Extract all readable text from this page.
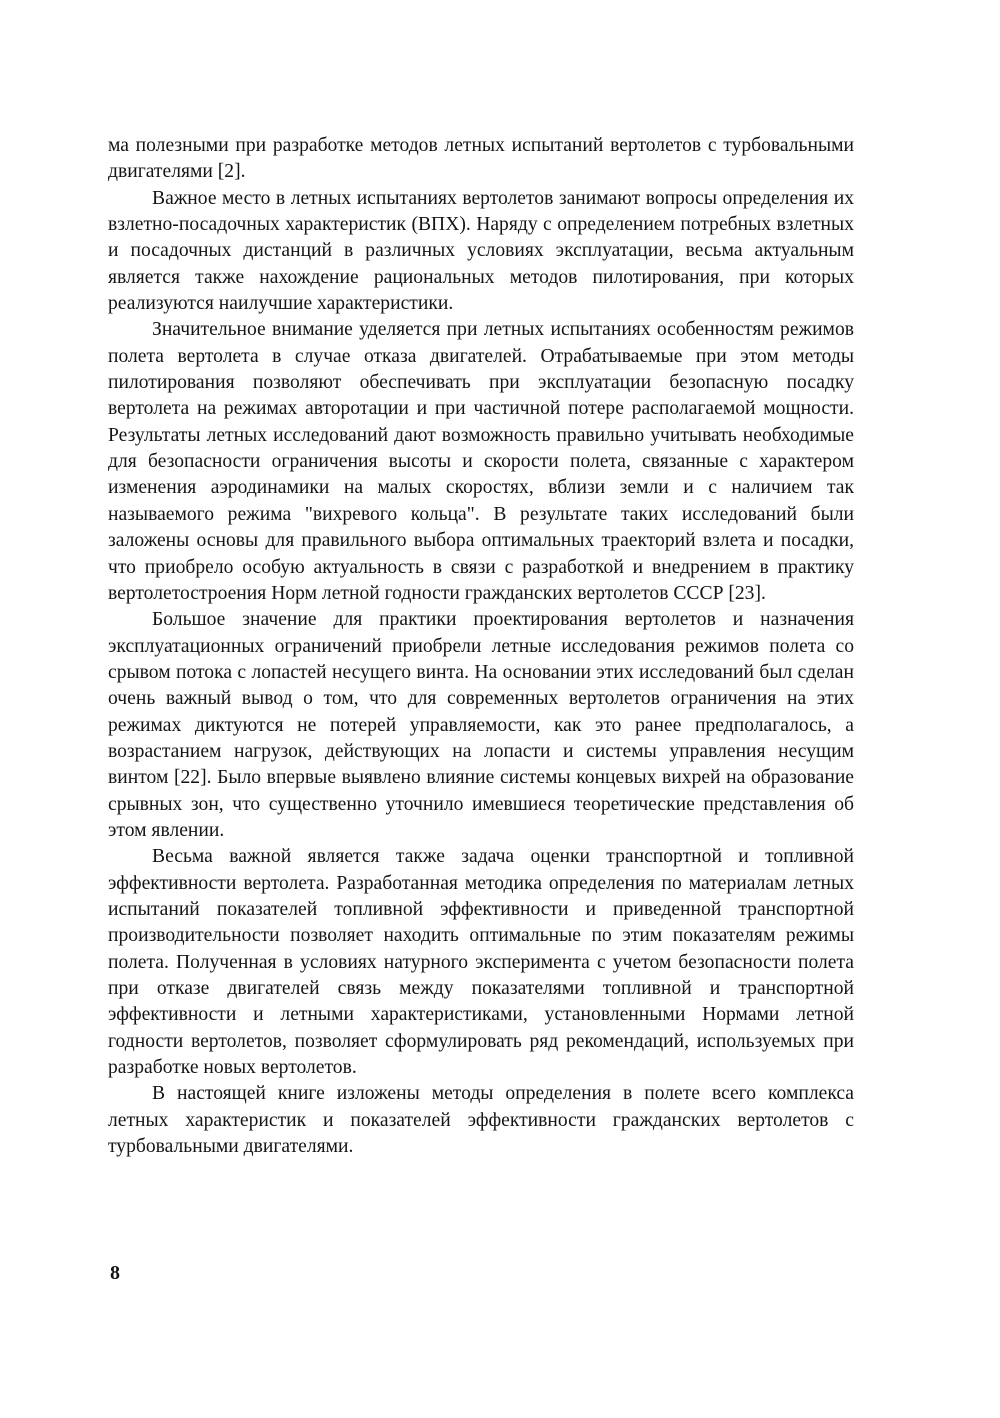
ма полезными при разработке методов летных испытаний вертолетов с турбовальными двигателями [2].

Важное место в летных испытаниях вертолетов занимают вопросы определения их взлетно-посадочных характеристик (ВПХ). Наряду с определением потребных взлетных и посадочных дистанций в различных условиях эксплуатации, весьма актуальным является также нахождение рациональных методов пилотирования, при которых реализуются наилучшие характеристики.

Значительное внимание уделяется при летных испытаниях особенностям режимов полета вертолета в случае отказа двигателей. Отрабатываемые при этом методы пилотирования позволяют обеспечивать при эксплуатации безопасную посадку вертолета на режимах авторотации и при частичной потере располагаемой мощности. Результаты летных исследований дают возможность правильно учитывать необходимые для безопасности ограничения высоты и скорости полета, связанные с характером изменения аэродинамики на малых скоростях, вблизи земли и с наличием так называемого режима "вихревого кольца". В результате таких исследований были заложены основы для правильного выбора оптимальных траекторий взлета и посадки, что приобрело особую актуальность в связи с разработкой и внедрением в практику вертолетостроения Норм летной годности гражданских вертолетов СССР [23].

Большое значение для практики проектирования вертолетов и назначения эксплуатационных ограничений приобрели летные исследования режимов полета со срывом потока с лопастей несущего винта. На основании этих исследований был сделан очень важный вывод о том, что для современных вертолетов ограничения на этих режимах диктуются не потерей управляемости, как это ранее предполагалось, а возрастанием нагрузок, действующих на лопасти и системы управления несущим винтом [22]. Было впервые выявлено влияние системы концевых вихрей на образование срывных зон, что существенно уточнило имевшиеся теоретические представления об этом явлении.

Весьма важной является также задача оценки транспортной и топливной эффективности вертолета. Разработанная методика определения по материалам летных испытаний показателей топливной эффективности и приведенной транспортной производительности позволяет находить оптимальные по этим показателям режимы полета. Полученная в условиях натурного эксперимента с учетом безопасности полета при отказе двигателей связь между показателями топливной и транспортной эффективности и летными характеристиками, установленными Нормами летной годности вертолетов, позволяет сформулировать ряд рекомендаций, используемых при разработке новых вертолетов.

В настоящей книге изложены методы определения в полете всего комплекса летных характеристик и показателей эффективности гражданских вертолетов с турбовальными двигателями.

8
